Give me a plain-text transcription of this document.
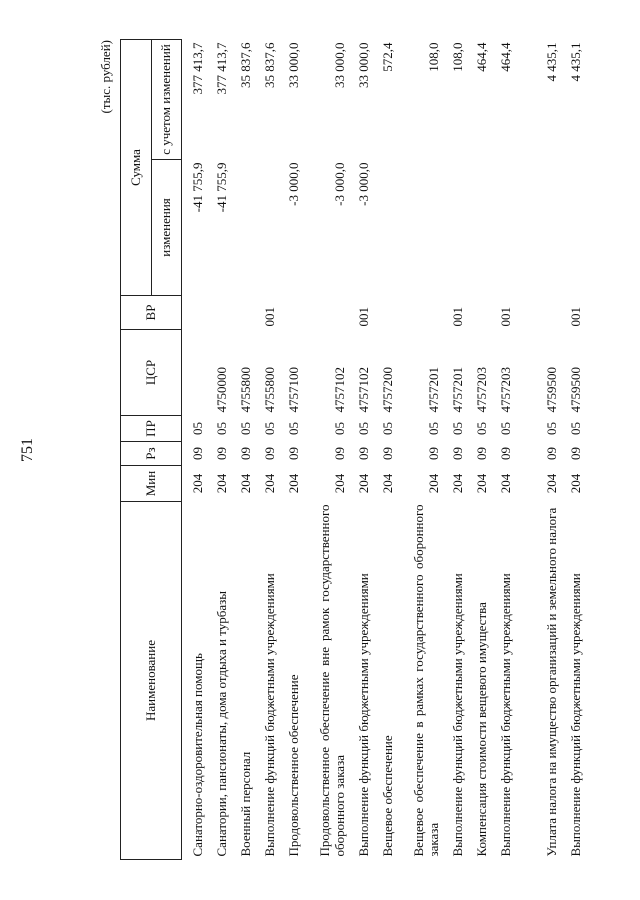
751
(тыс. рублей)
Наименование	Мин	Рз	ПР	ЦСР	ВР	Сумма	
						изменения	с учетом изменений
Санаторно-оздоровительная помощь	204	09	05			-41 755,9	377 413,7
Санатории, пансионаты, дома отдыха и турбазы	204	09	05	4750000		-41 755,9	377 413,7
Военный персонал	204	09	05	4755800			35 837,6
Выполнение функций бюджетными учреждениями	204	09	05	4755800	001		35 837,6
Продовольственное обеспечение	204	09	05	4757100		-3 000,0	33 000,0
Продовольственное обеспечение вне рамок государственного оборонного заказа	204	09	05	4757102		-3 000,0	33 000,0
Выполнение функций бюджетными учреждениями	204	09	05	4757102	001	-3 000,0	33 000,0
Вещевое обеспечение	204	09	05	4757200			572,4
Вещевое обеспечение в рамках государственного оборонного заказа	204	09	05	4757201			108,0
Выполнение функций бюджетными учреждениями	204	09	05	4757201	001		108,0
Компенсация стоимости вещевого имущества	204	09	05	4757203			464,4
Выполнение функций бюджетными учреждениями	204	09	05	4757203	001		464,4
Уплата налога на имущество организаций и земельного налога	204	09	05	4759500			4 435,1
Выполнение функций бюджетными учреждениями	204	09	05	4759500	001		4 435,1
